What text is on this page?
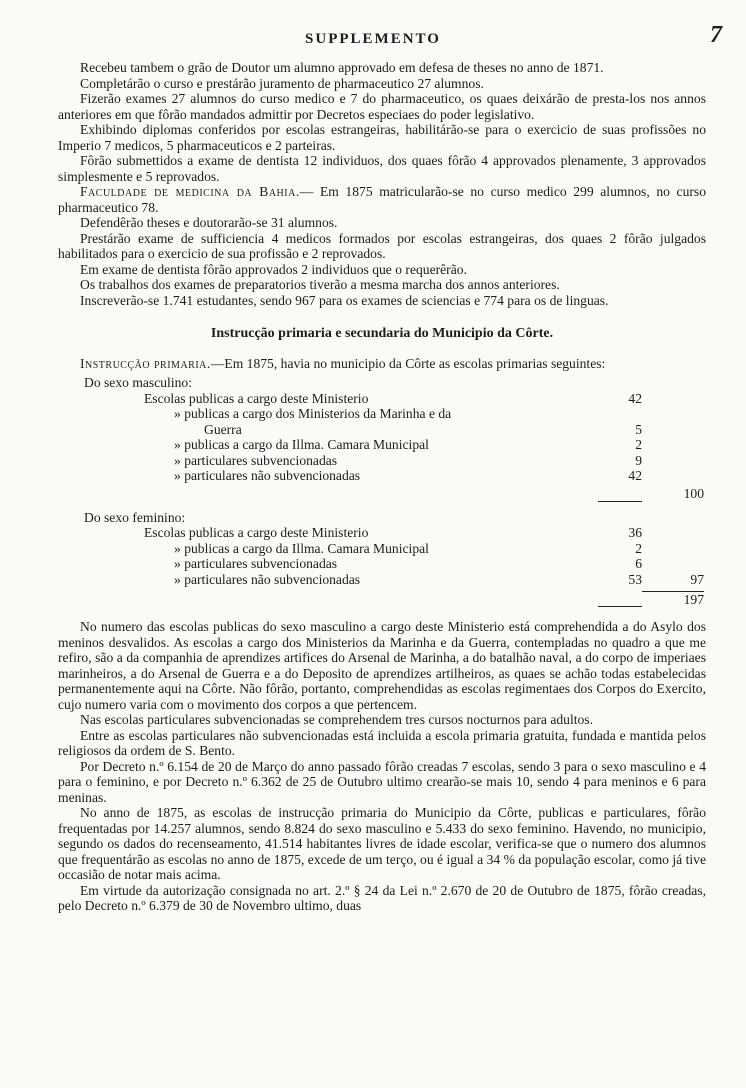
SUPPLEMENTO	7

Recebeu tambem o grão de Doutor um alumno approvado em defesa de theses no anno de 1871.

Completárão o curso e prestárão juramento de pharmaceutico 27 alumnos.

Fizerão exames 27 alumnos do curso medico e 7 do pharmaceutico, os quaes deixárão de presta-los nos annos anteriores em que fôrão mandados admittir por Decretos especiaes do poder legislativo.

Exhibindo diplomas conferidos por escolas estrangeiras, habilitárão-se para o exercicio de suas profissões no Imperio 7 medicos, 5 pharmaceuticos e 2 parteiras.

Fôrão submettidos a exame de dentista 12 individuos, dos quaes fôrão 4 approvados plenamente, 3 approvados simplesmente e 5 reprovados.

Faculdade de medicina da Bahia.— Em 1875 matricularão-se no curso medico 299 alumnos, no curso pharmaceutico 78.

Defendêrão theses e doutorarão-se 31 alumnos.

Prestárão exame de sufficiencia 4 medicos formados por escolas estrangeiras, dos quaes 2 fôrão julgados habilitados para o exercicio de sua profissão e 2 reprovados.

Em exame de dentista fôrão approvados 2 individuos que o requerêrão.

Os trabalhos dos exames de preparatorios tiverão a mesma marcha dos annos anteriores.

Inscreverão-se 1.741 estudantes, sendo 967 para os exames de sciencias e 774 para os de linguas.

Instrucção primaria e secundaria do Municipio da Côrte.

Instrucção primaria.—Em 1875, havia no municipio da Côrte as escolas primarias seguintes:

Do sexo masculino:
Escolas publicas a cargo deste Ministerio	42
» publicas a cargo dos Ministerios da Marinha e da
Guerra	5
» publicas a cargo da Illma. Camara Municipal	2
» particulares subvencionadas	9
» particulares não subvencionadas	42
100
Do sexo feminino:
Escolas publicas a cargo deste Ministerio	36
» publicas a cargo da Illma. Camara Municipal	2
» particulares subvencionadas	6
» particulares não subvencionadas	53	97
197

No numero das escolas publicas do sexo masculino a cargo deste Ministerio está comprehendida a do Asylo dos meninos desvalidos. As escolas a cargo dos Ministerios da Marinha e da Guerra, contempladas no quadro a que me refiro, são a da companhia de aprendizes artifices do Arsenal de Marinha, a do batalhão naval, a do corpo de imperiaes marinheiros, a do Arsenal de Guerra e a do Deposito de aprendizes artilheiros, as quaes se achão todas estabelecidas permanentemente aqui na Côrte. Não fôrão, portanto, comprehendidas as escolas regimentaes dos Corpos do Exercito, cujo numero varia com o movimento dos corpos a que pertencem.

Nas escolas particulares subvencionadas se comprehendem tres cursos nocturnos para adultos.

Entre as escolas particulares não subvencionadas está incluida a escola primaria gratuita, fundada e mantida pelos religiosos da ordem de S. Bento.

Por Decreto n.º 6.154 de 20 de Março do anno passado fôrão creadas 7 escolas, sendo 3 para o sexo masculino e 4 para o feminino, e por Decreto n.º 6.362 de 25 de Outubro ultimo crearão-se mais 10, sendo 4 para meninos e 6 para meninas.

No anno de 1875, as escolas de instrucção primaria do Municipio da Côrte, publicas e particulares, fôrão frequentadas por 14.257 alumnos, sendo 8.824 do sexo masculino e 5.433 do sexo feminino. Havendo, no municipio, segundo os dados do recenseamento, 41.514 habitantes livres de idade escolar, verifica-se que o numero dos alumnos que frequentárão as escolas no anno de 1875, excede de um terço, ou é igual a 34 % da população escolar, como já tive occasião de notar mais acima.

Em virtude da autorização consignada no art. 2.º § 24 da Lei n.º 2.670 de 20 de Outubro de 1875, fôrão creadas, pelo Decreto n.º 6.379 de 30 de Novembro ultimo, duas
